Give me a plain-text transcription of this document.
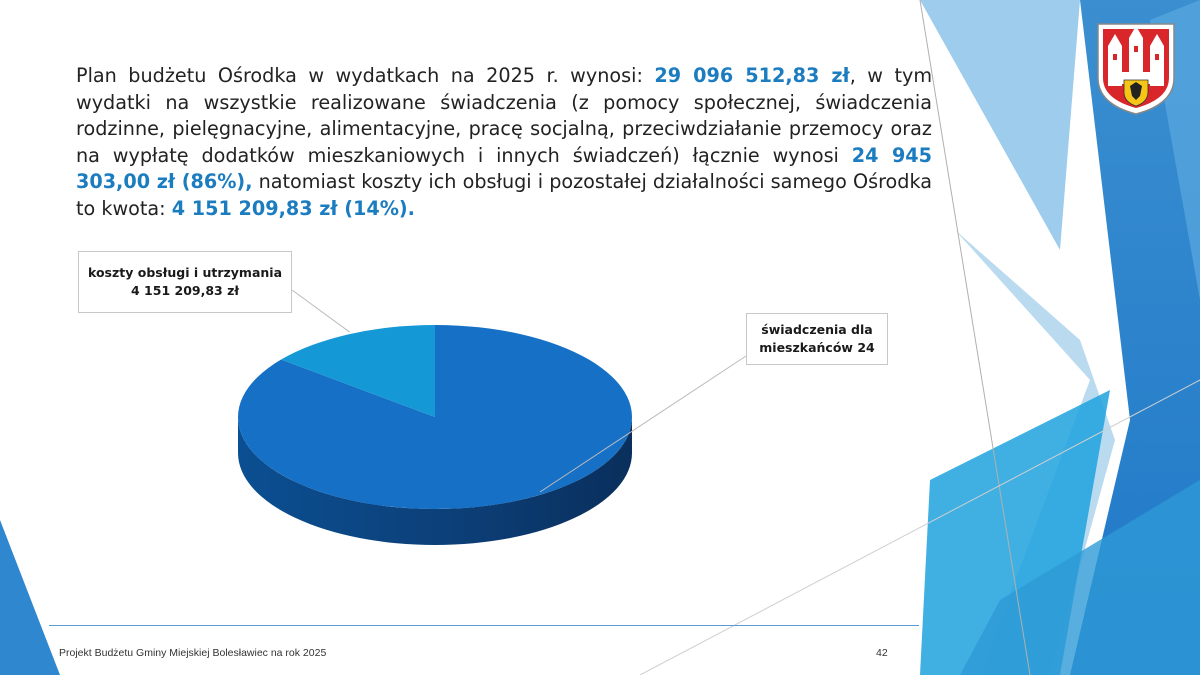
Plan budżetu Ośrodka w wydatkach na 2025 r. wynosi: 29 096 512,83 zł, w tym wydatki na wszystkie realizowane świadczenia (z pomocy społecznej, świadczenia rodzinne, pielęgnacyjne, alimentacyjne, pracę socjalną, przeciwdziałanie przemocy oraz na wypłatę dodatków mieszkaniowych i innych świadczeń) łącznie wynosi 24 945 303,00 zł (86%), natomiast koszty ich obsługi i pozostałej działalności samego Ośrodka to kwota: 4 151 209,83 zł (14%).
koszty obsługi i utrzymania 4 151 209,83 zł
świadczenia dla mieszkańców 24
Projekt Budżetu Gminy Miejskiej Bolesławiec na rok 2025	42
